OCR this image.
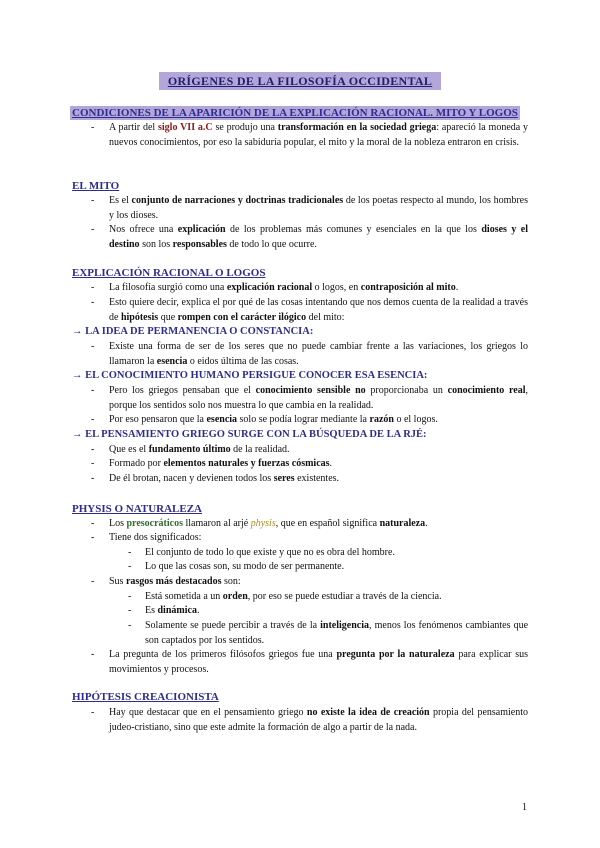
ORÍGENES DE LA FILOSOFÍA OCCIDENTAL
CONDICIONES DE LA APARICIÓN DE LA EXPLICACIÓN RACIONAL. MITO Y LOGOS
- A partir del siglo VII a.C se produjo una transformación en la sociedad griega: apareció la moneda y nuevos conocimientos, por eso la sabiduría popular, el mito y la moral de la nobleza entraron en crisis.
EL MITO
- Es el conjunto de narraciones y doctrinas tradicionales de los poetas respecto al mundo, los hombres y los dioses.
- Nos ofrece una explicación de los problemas más comunes y esenciales en la que los dioses y el destino son los responsables de todo lo que ocurre.
EXPLICACIÓN RACIONAL O LOGOS
- La filosofía surgió como una explicación racional o logos, en contraposición al mito.
- Esto quiere decir, explica el por qué de las cosas intentando que nos demos cuenta de la realidad a través de hipótesis que rompen con el carácter ilógico del mito:
→ LA IDEA DE PERMANENCIA O CONSTANCIA:
- Existe una forma de ser de los seres que no puede cambiar frente a las variaciones, los griegos lo llamaron la esencia o eidos última de las cosas.
→ EL CONOCIMIENTO HUMANO PERSIGUE CONOCER ESA ESENCIA:
- Pero los griegos pensaban que el conocimiento sensible no proporcionaba un conocimiento real, porque los sentidos solo nos muestra lo que cambia en la realidad.
- Por eso pensaron que la esencia solo se podía lograr mediante la razón o el logos.
→ EL PENSAMIENTO GRIEGO SURGE CON LA BÚSQUEDA DE LA RJÉ:
- Que es el fundamento último de la realidad.
- Formado por elementos naturales y fuerzas cósmicas.
- De él brotan, nacen y devienen todos los seres existentes.
PHYSIS O NATURALEZA
- Los presocráticos llamaron al arjé physis, que en español significa naturaleza.
- Tiene dos significados:
- El conjunto de todo lo que existe y que no es obra del hombre.
- Lo que las cosas son, su modo de ser permanente.
- Sus rasgos más destacados son:
- Está sometida a un orden, por eso se puede estudiar a través de la ciencia.
- Es dinámica.
- Solamente se puede percibir a través de la inteligencia, menos los fenómenos cambiantes que son captados por los sentidos.
- La pregunta de los primeros filósofos griegos fue una pregunta por la naturaleza para explicar sus movimientos y procesos.
HIPÓTESIS CREACIONISTA
- Hay que destacar que en el pensamiento griego no existe la idea de creación propia del pensamiento judeo-cristiano, sino que este admite la formación de algo a partir de la nada.
1
